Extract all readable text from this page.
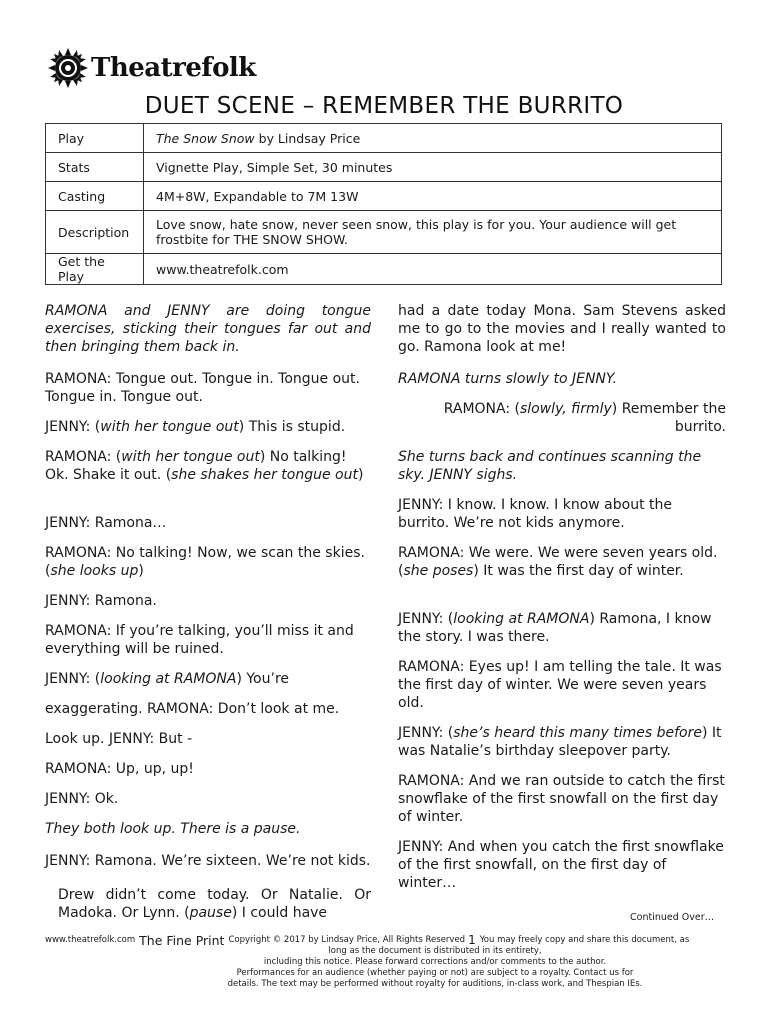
Theatrefolk
DUET SCENE – REMEMBER THE BURRITO
Play	The Snow Snow by Lindsay Price
Stats	Vignette Play, Simple Set, 30 minutes
Casting	4M+8W, Expandable to 7M 13W
Description	Love snow, hate snow, never seen snow, this play is for you. Your audience will get frostbite for THE SNOW SHOW.
Get the Play	www.theatrefolk.com

RAMONA and JENNY are doing tongue exercises, sticking their tongues far out and then bringing them back in.

RAMONA: Tongue out. Tongue in. Tongue out. Tongue in. Tongue out.

JENNY: (with her tongue out) This is stupid.

RAMONA: (with her tongue out) No talking! Ok. Shake it out. (she shakes her tongue out)

JENNY: Ramona…

RAMONA: No talking! Now, we scan the skies. (she looks up)

JENNY: Ramona.

RAMONA: If you’re talking, you’ll miss it and everything will be ruined.

JENNY: (looking at RAMONA) You’re

exaggerating. RAMONA: Don’t look at me.

Look up. JENNY: But -

RAMONA: Up, up, up!

JENNY: Ok.

They both look up. There is a pause.

JENNY: Ramona. We’re sixteen. We’re not kids.

Drew didn’t come today. Or Natalie. Or Madoka. Or Lynn. (pause) I could have

had a date today Mona. Sam Stevens asked me to go to the movies and I really wanted to go. Ramona look at me!

RAMONA turns slowly to JENNY.

RAMONA: (slowly, firmly) Remember the burrito.

She turns back and continues scanning the sky. JENNY sighs.

JENNY: I know. I know. I know about the burrito. We’re not kids anymore.

RAMONA: We were. We were seven years old. (she poses) It was the first day of winter.

JENNY: (looking at RAMONA) Ramona, I know the story. I was there.

RAMONA: Eyes up! I am telling the tale. It was the first day of winter. We were seven years old.

JENNY: (she’s heard this many times before) It was Natalie’s birthday sleepover party.

RAMONA: And we ran outside to catch the first snowflake of the first snowfall on the first day of winter.

JENNY: And when you catch the first snowflake of the first snowfall, on the first day of winter…

Continued Over…
www.theatrefolk.com The Fine Print Copyright © 2017 by Lindsay Price, All Rights Reserved 1 You may freely copy and share this document, as
long as the document is distributed in its entirety,
including this notice. Please forward corrections and/or comments to the author.
Performances for an audience (whether paying or not) are subject to a royalty. Contact us for
details. The text may be performed without royalty for auditions, in-class work, and Thespian IEs.
